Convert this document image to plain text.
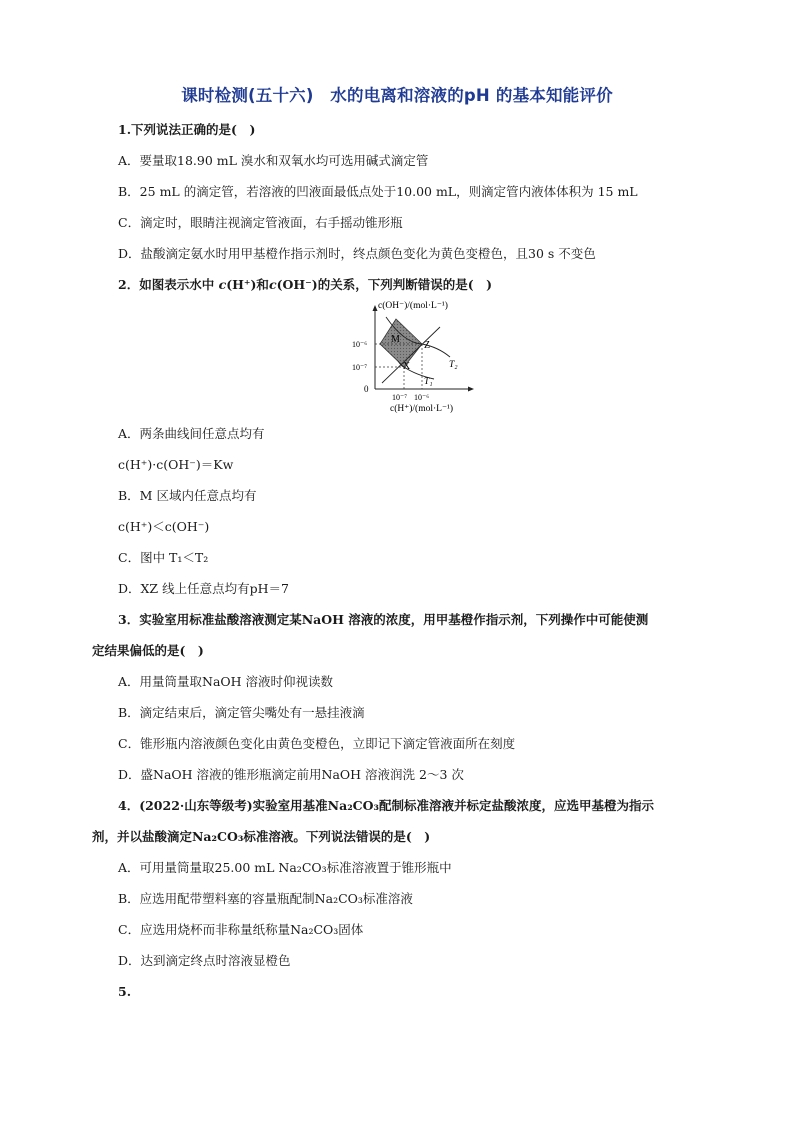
课时检测(五十六)　水的电离和溶液的pH 的基本知能评价
1.下列说法正确的是(　)
A．要量取18.90 mL 溴水和双氧水均可选用碱式滴定管
B．25 mL 的滴定管，若溶液的凹液面最低点处于10.00 mL，则滴定管内液体体积为 15 mL
C．滴定时，眼睛注视滴定管液面，右手摇动锥形瓶
D．盐酸滴定氨水时用甲基橙作指示剂时，终点颜色变化为黄色变橙色，且30 s 不变色
2．如图表示水中 c(H⁺)和c(OH⁻)的关系，下列判断错误的是(　)
c(OH⁻)/(mol·L⁻¹)
10⁻⁶
10⁻⁷
0
10⁻⁷ 10⁻⁶
c(H⁺)/(mol·L⁻¹)
M
X
Z
T₂
T₁
A．两条曲线间任意点均有
c(H⁺)·c(OH⁻)＝Kw
B．M 区域内任意点均有
c(H⁺)＜c(OH⁻)
C．图中 T₁＜T₂
D．XZ 线上任意点均有pH＝7
3．实验室用标准盐酸溶液测定某NaOH 溶液的浓度，用甲基橙作指示剂，下列操作中可能使测
定结果偏低的是(　)
A．用量筒量取NaOH 溶液时仰视读数
B．滴定结束后，滴定管尖嘴处有一悬挂液滴
C．锥形瓶内溶液颜色变化由黄色变橙色，立即记下滴定管液面所在刻度
D．盛NaOH 溶液的锥形瓶滴定前用NaOH 溶液润洗 2～3 次
4．(2022·山东等级考)实验室用基准Na₂CO₃配制标准溶液并标定盐酸浓度，应选甲基橙为指示
剂，并以盐酸滴定Na₂CO₃标准溶液。下列说法错误的是(　)
A．可用量筒量取25.00 mL Na₂CO₃标准溶液置于锥形瓶中
B．应选用配带塑料塞的容量瓶配制Na₂CO₃标准溶液
C．应选用烧杯而非称量纸称量Na₂CO₃固体
D．达到滴定终点时溶液显橙色
5.
